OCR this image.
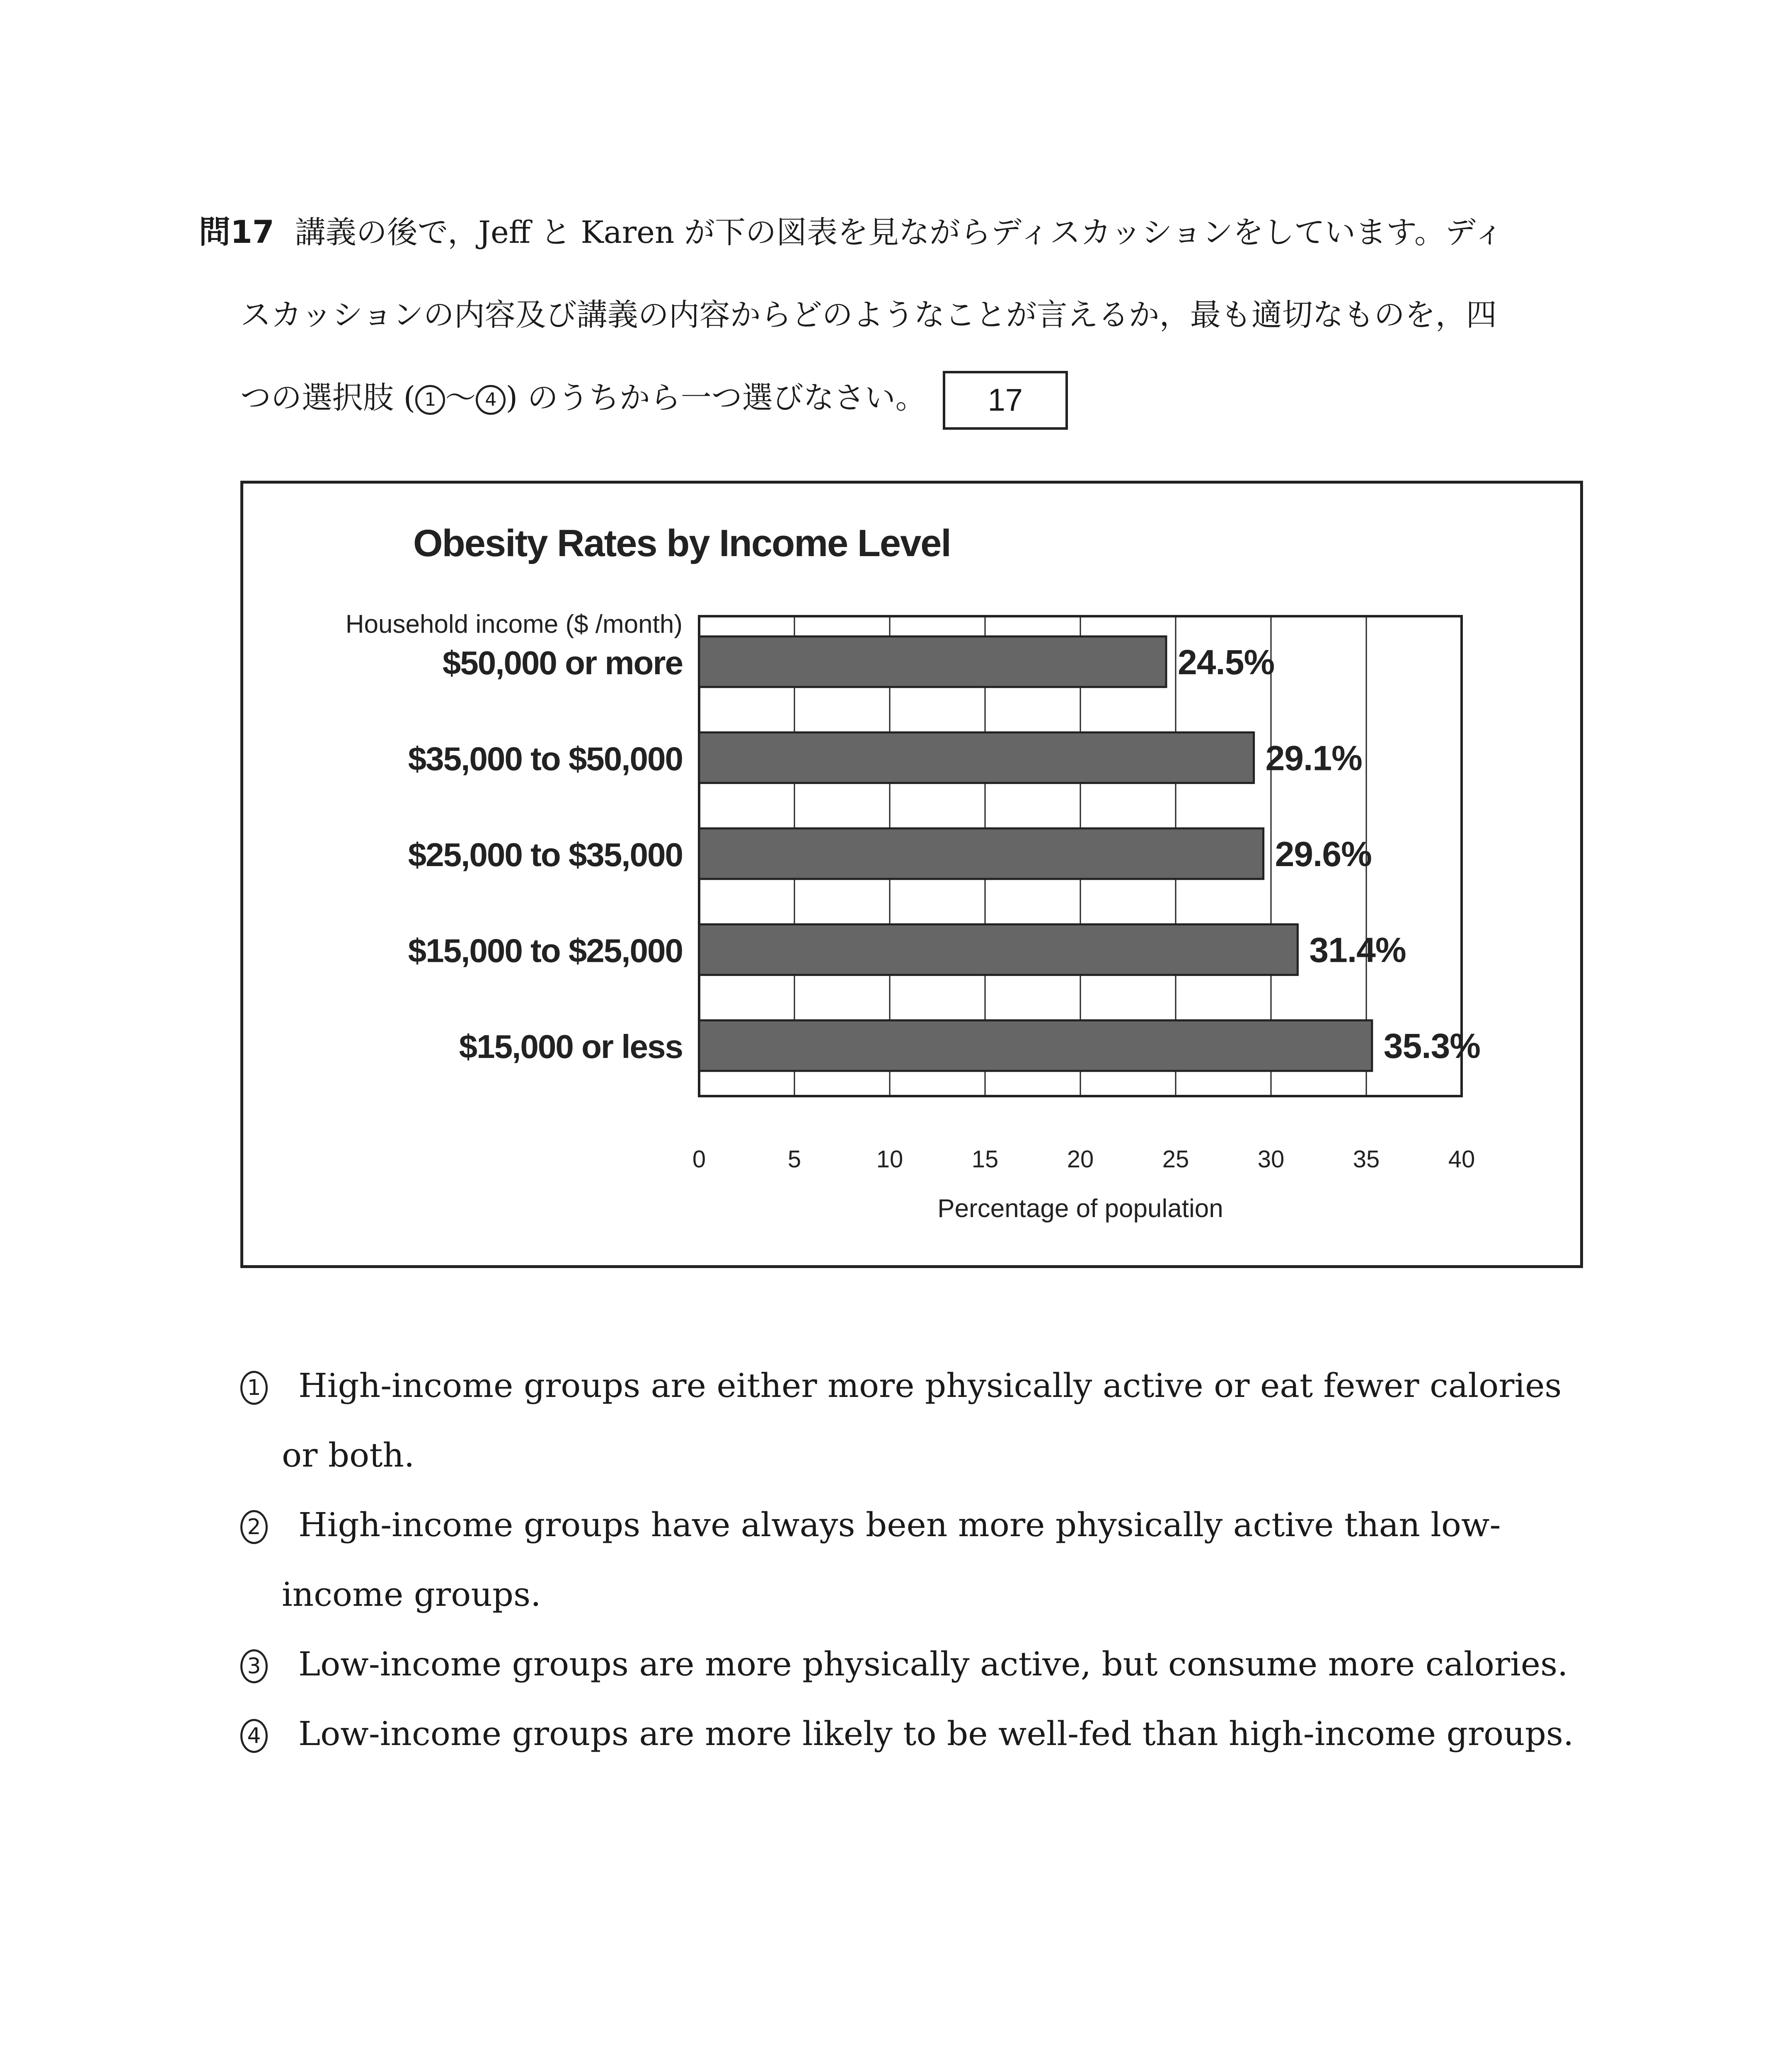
問17 講義の後で，Jeff と Karen が下の図表を見ながらディスカッションをしています。ディ
スカッションの内容及び講義の内容からどのようなことが言えるか，最も適切なものを，四
つの選択肢 ( 1 〜 4 ) のうちから一つ選びなさい。 17
Obesity Rates by Income Level
Household income ($ /month)
0	5	10	15	20	25	30	35	40
Percentage of population
$50,000 or more	24.5%
$35,000 to $50,000	29.1%
$25,000 to $35,000	29.6%
$15,000 to $25,000	31.4%
$15,000 or less	35.3%
1	High-income groups are either more physically active or eat fewer calories
or both.
2	High-income groups have always been more physically active than low-
income groups.
3	Low-income groups are more physically active, but consume more calories.
4	Low-income groups are more likely to be well-fed than high-income groups.
